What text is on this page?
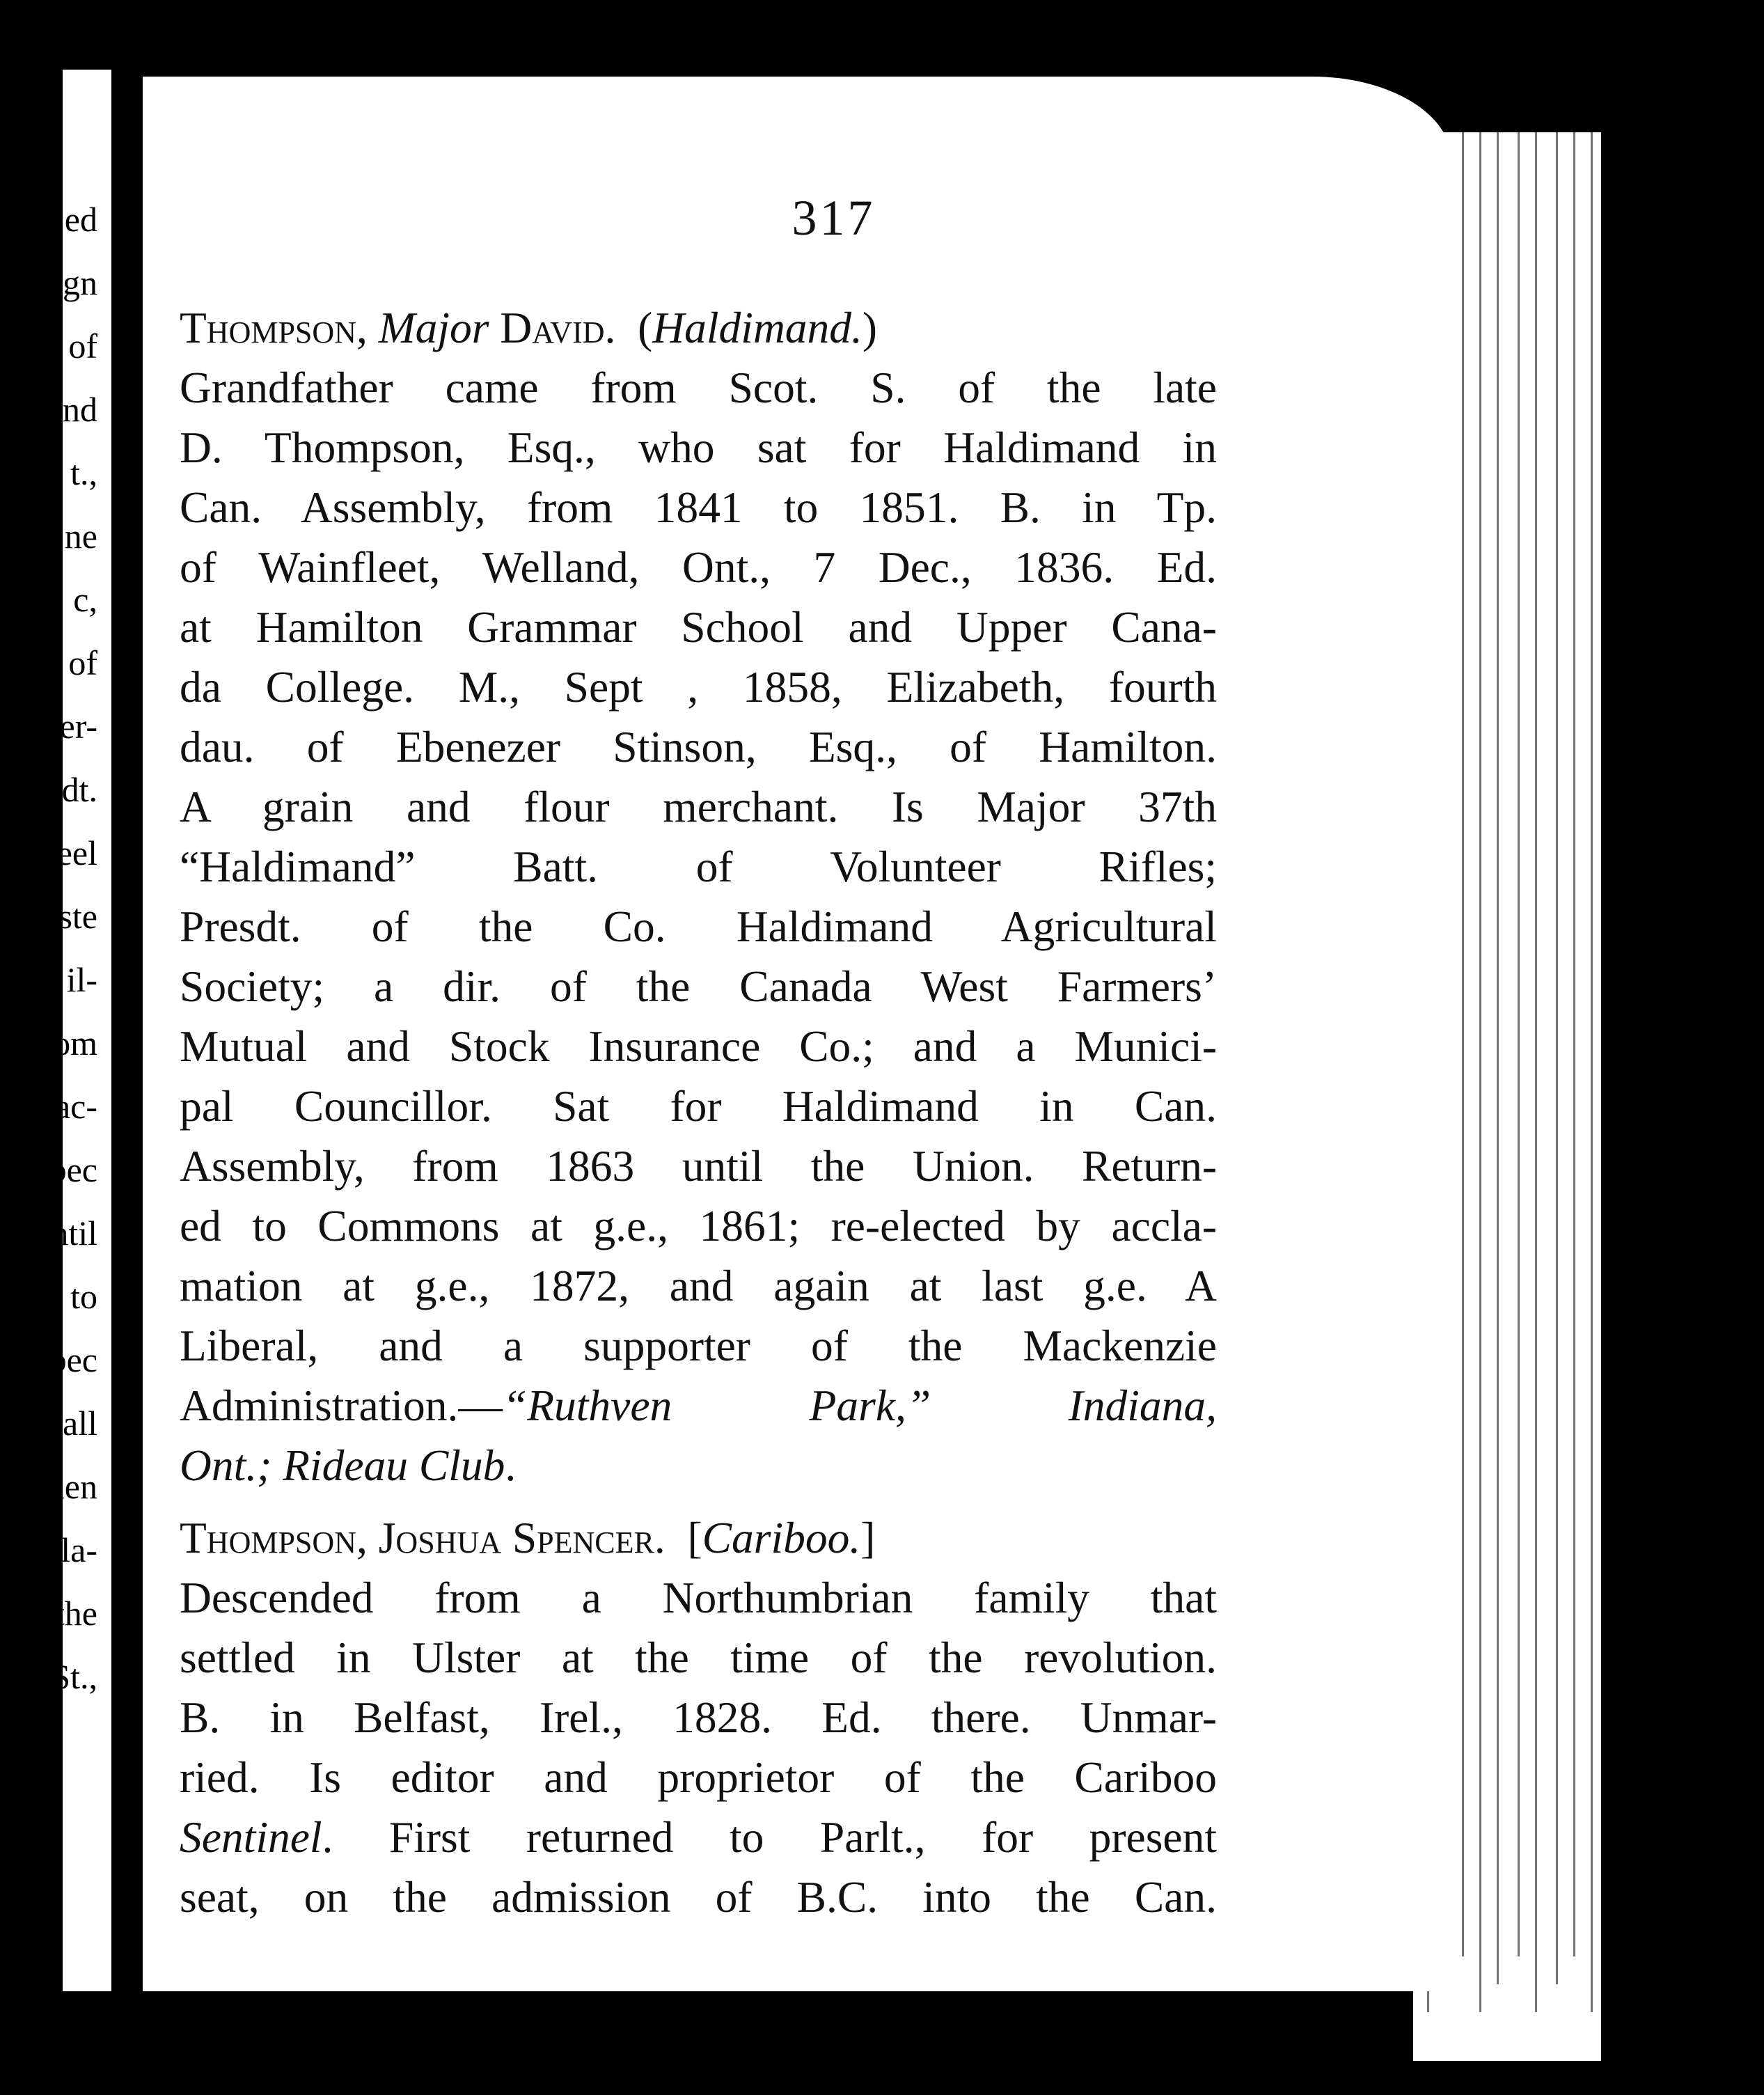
ed
gn
of
nd
t.,
ne
c,
of
er-
dt.
eel
ste
il-
om
ac-
bec
ntil
to
bec
all
hen
cla-
the
St.,
317
Thompson, Major David.  (Haldimand.)
Grandfather came from Scot. S. of the late
D. Thompson, Esq., who sat for Haldimand in
Can. Assembly, from 1841 to 1851. B. in Tp.
of Wainfleet, Welland, Ont., 7 Dec., 1836. Ed.
at Hamilton Grammar School and Upper Cana-
da College. M., Sept , 1858, Elizabeth, fourth
dau. of Ebenezer Stinson, Esq., of Hamilton.
A grain and flour merchant. Is Major 37th
“Haldimand” Batt. of Volunteer Rifles;
Presdt. of the Co. Haldimand Agricultural
Society; a dir. of the Canada West Farmers’
Mutual and Stock Insurance Co.; and a Munici-
pal Councillor. Sat for Haldimand in Can.
Assembly, from 1863 until the Union. Return-
ed to Commons at g.e., 1861; re-elected by accla-
mation at g.e., 1872, and again at last g.e. A
Liberal, and a supporter of the Mackenzie
Administration.—“Ruthven Park,” Indiana,
Ont.; Rideau Club.
Thompson, Joshua Spencer.  [Cariboo.]
Descended from a Northumbrian family that
settled in Ulster at the time of the revolution.
B. in Belfast, Irel., 1828. Ed. there. Unmar-
ried. Is editor and proprietor of the Cariboo
Sentinel. First returned to Parlt., for present
seat, on the admission of B.C. into the Can.
